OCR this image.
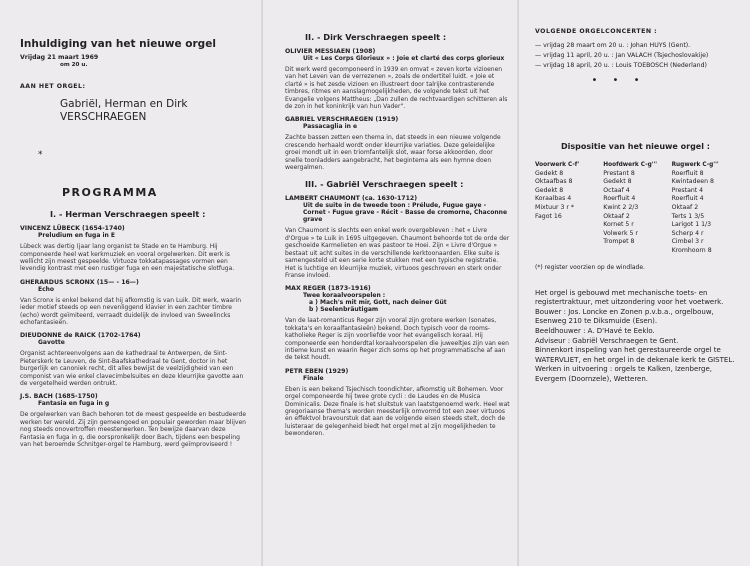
Inhuldiging van het nieuwe orgel
Vrijdag 21 maart 1969
om 20 u.
AAN HET ORGEL:
Gabriël, Herman en Dirk
VERSCHRAEGEN
*
PROGRAMMA
I. - Herman Verschraegen speelt :
VINCENZ LÜBECK (1654-1740)
Preludium en fuga in E
Lübeck was dertig (jaar lang organist te Stade en te Hamburg. Hij componeerde heel wat kerkmuziek en vooral orgelwerken. Dit werk is wellicht zijn meest gespeelde. Virtuoze tokkatapassages vormen een levendig kontrast met een rustiger fuga en een majestatische slotfuga.
GHERARDUS SCRONX (15— - 16—)
Echo
Van Scronx is enkel bekend dat hij afkomstig is van Luik. Dit werk, waarin ieder motief steeds op een nevenliggend klavier in een zachter timbre (echo) wordt geïmiteerd, verraadt duidelijk de invloed van Sweelincks echofantasieën.
DIEUDONNE de RAICK (1702-1764)
Gavotte
Organist achtereenvolgens aan de kathedraal te Antwerpen, de Sint-Pieterskerk te Leuven, de Sint-Baafskathedraal te Gent, doctor in het burgerlijk en canoniek recht, dit alles bewijst de veelzijdigheid van een componist van wie enkel clavecimbelsuites en deze kleurrijke gavotte aan de vergetelheid werden ontrukt.
J.S. BACH (1685-1750)
Fantasia en fuga in g
De orgelwerken van Bach behoren tot de meest gespeelde en bestudeerde werken ter wereld. Zij zijn gemeengoed en populair geworden maar blijven nog steeds onovertroffen meesterwerken. Ten bewijze daarvan deze Fantasia en fuga in g, die oorspronkelijk door Bach, tijdens een bespeling van het beroemde Schnitger-orgel te Hamburg, werd geïmproviseerd !
II. - Dirk Verschraegen speelt :
OLIVIER MESSIAEN (1908)
Uit « Les Corps Glorieux » : Joie et clarté des corps glorieux
Dit werk werd gecomponeerd in 1939 en omvat « zeven korte vizioenen van het Leven van de verrezenen », zoals de ondertitel luidt. « Joie et clarté » is het zesde vizioen en illustreert door talrijke contrasterende timbres, ritmes en aanslagmogelijkheden, de volgende tekst uit het Evangelie volgens Mattheus: „Dan zullen de rechtvaardigen schitteren als de zon in het koninkrijk van hun Vader".
GABRIEL VERSCHRAEGEN (1919)
Passacaglia in e
Zachte bassen zetten een thema in, dat steeds in een nieuwe volgende crescendo herhaald wordt onder kleurrijke variaties. Deze geleidelijke groei mondt uit in een triomfantelijk slot, waar forse akkoorden, door snelle toonladders aangebracht, het begintema als een hymne doen weergalmen.
III. - Gabriël Verschraegen speelt :
LAMBERT CHAUMONT (ca. 1630-1712)
Uit de suite in de tweede toon : Prélude, Fugue gaye - Cornet - Fugue grave - Récit - Basse de cromorne, Chaconne grave
Van Chaumont is slechts een enkel werk overgebleven : het « Livre d'Orgue » te Luik in 1695 uitgegeven. Chaumont behoorde tot de orde der geschoeide Karmelieten en was pastoor te Hoei. Zijn « Livre d'Orgue » bestaat uit acht suites in de verschillende kerktoonaarden. Elke suite is samengesteld uit een serie korte stukken met een typische registratie. Het is luchtige en kleurrijke muziek, virtuoos geschreven en sterk onder Franse invloed.
MAX REGER (1873-1916)
Twee koraalvoorspelen :
a ) Mach's mit mir, Gott, nach deiner Güt
b ) Seelenbräutigam
Van de laat-romanticus Reger zijn vooral zijn grotere werken (sonates, tokkata's en koraalfantasieën) bekend. Doch typisch voor de rooms-katholieke Reger is zijn voorliefde voor het evangelisch koraal. Hij componeerde een honderdtal koraalvoorspelen die juweeltjes zijn van een intieme kunst en waarin Reger zich soms op het programmatische af aan de tekst houdt.
PETR EBEN (1929)
Finale
Eben is een bekend Tsjechisch toondichter, afkomstig uit Bohemen. Voor orgel componeerde hij twee grote cycli : de Laudes en de Musica Dominicalis. Deze finale is het sluitstuk van laatstgenoemd werk. Heel wat gregoriaanse thema's worden meesterlijk omvormd tot een zeer virtuoos en effektvol bravourstuk dat aan de volgende eisen steeds stelt, doch de luisteraar de gelegenheid biedt het orgel met al zijn mogelijkheden te bewonderen.
VOLGENDE ORGELCONCERTEN :
— vrijdag 28 maart om 20 u. : Johan HUYS (Gent).
— vrijdag 11 april, 20 u. : Jan VALACH (Tsjechoslovakije)
— vrijdag 18 april, 20 u. : Louis TOEBOSCH (Nederland)
• • •
Dispositie van het nieuwe orgel :
Voorwerk C-f'
Gedekt 8
Oktaafbas 8
Gedekt 8
Koraalbas 4
Mixtuur 3 r *
Fagot 16
Hoofdwerk C-g'''
Prestant 8
Gedekt 8
Octaaf 4
Roerfluit 4
Kwint 2 2/3
Oktaaf 2
Kornet 5 r
Volwerk 5 r
Trompet 8
Rugwerk C-g'''
Roerfluit 8
Kwintadeen 8
Prestant 4
Roerfluit 4
Oktaaf 2
Terts 1 3/5
Larigot 1 1/3
Scherp 4 r
Cimbel 3 r
Kromhoorn 8
(*) register voorzien op de windlade.

Het orgel is gebouwd met mechanische toets- en registertraktuur, met uitzondering voor het voetwerk.

Bouwer : Jos. Loncke en Zonen p.v.b.a., orgelbouw, Esenweg 210 te Diksmuide (Esen).

Beeldhouwer : A. D'Havé te Eeklo.

Adviseur : Gabriël Verschraegen te Gent.

Binnenkort inspeling van het gerestaureerde orgel te WATERVLIET, en het orgel in de dekenale kerk te GISTEL.

Werken in uitvoering : orgels te Kalken, Izenberge, Evergem (Doornzele), Wetteren.
